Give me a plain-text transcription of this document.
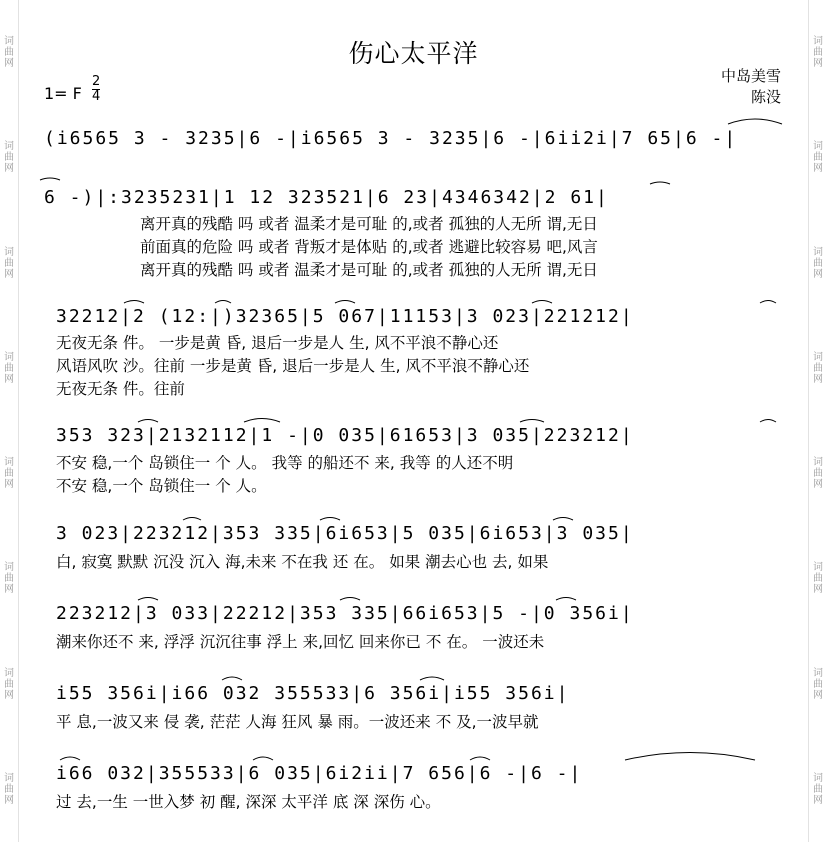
词
曲
网
词
曲
网
词
曲
网
词
曲
网
词
曲
网
词
曲
网
词
曲
网
词
曲
网
词
曲
网
词
曲
网
词
曲
网
词
曲
网
词
曲
网
词
曲
网
词
曲
网
词
曲
网
伤心太平洋
1= F
2
4
中岛美雪
陈没
(i6565 3 - 3235|6 -|i6565 3 - 3235|6 -|6ii2i|7 65|6 -|
6 -)|:3235231|1 12 323521|6 23|4346342|2 61|
32212|2 (12:|)32365|5 067|11153|3 023|221212|
353 323|2132112|1 -|0 035|61653|3 035|223212|
3 023|223212|353 335|6i653|5 035|6i653|3 035|
223212|3 033|22212|353 335|66i653|5 -|0 356i|
i55 356i|i66 032 355533|6 356i|i55 356i|
i66 032|355533|6 035|6i2ii|7 656|6 -|6 -|
离开真的残酷 吗 或者 温柔才是可耻 的,或者 孤独的人无所 谓,无日
前面真的危险 吗 或者 背叛才是体贴 的,或者 逃避比较容易 吧,风言
离开真的残酷 吗 或者 温柔才是可耻 的,或者 孤独的人无所 谓,无日
无夜无条 件。 一步是黄 昏, 退后一步是人 生, 风不平浪不静心还
风语风吹 沙。往前 一步是黄 昏, 退后一步是人 生, 风不平浪不静心还
无夜无条 件。往前
不安 稳,一个 岛锁住一 个 人。 我等 的船还不 来, 我等 的人还不明
不安 稳,一个 岛锁住一 个 人。
白, 寂寞 默默 沉没 沉入 海,未来 不在我 还 在。 如果 潮去心也 去, 如果
潮来你还不 来, 浮浮 沉沉往事 浮上 来,回忆 回来你已 不 在。 一波还未
平 息,一波又来 侵 袭, 茫茫 人海 狂风 暴 雨。一波还来 不 及,一波早就
过 去,一生 一世入梦 初 醒, 深深 太平洋 底 深 深伤 心。
